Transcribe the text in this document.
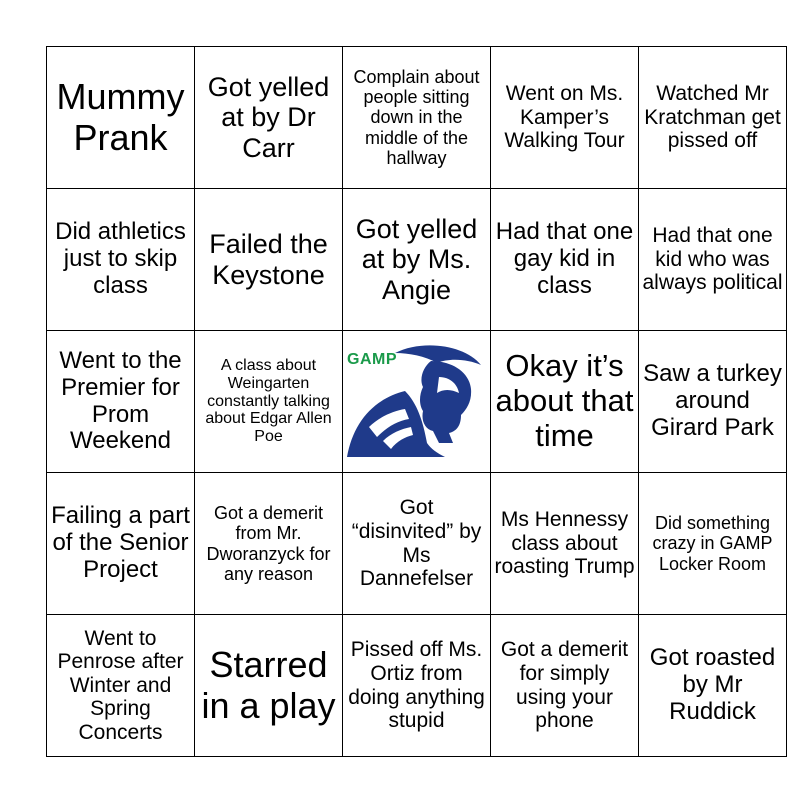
Mummy Prank	Got yelled at by Dr Carr	Complain about people sitting down in the middle of the hallway	Went on Ms. Kamper’s Walking Tour	Watched Mr Kratchman get pissed off
Did athletics just to skip class	Failed the Keystone	Got yelled at by Ms. Angie	Had that one gay kid in class	Had that one kid who was always political
Went to the Premier for Prom Weekend	A class about Weingarten constantly talking about Edgar Allen Poe	GAMP	Okay it’s about that time	Saw a turkey around Girard Park
Failing a part of the Senior Project	Got a demerit from Mr. Dworanzyck for any reason	Got “disinvited” by Ms Dannefelser	Ms Hennessy class about roasting Trump	Did something crazy in GAMP Locker Room
Went to Penrose after Winter and Spring Concerts	Starred in a play	Pissed off Ms. Ortiz from doing anything stupid	Got a demerit for simply using your phone	Got roasted by Mr Ruddick
